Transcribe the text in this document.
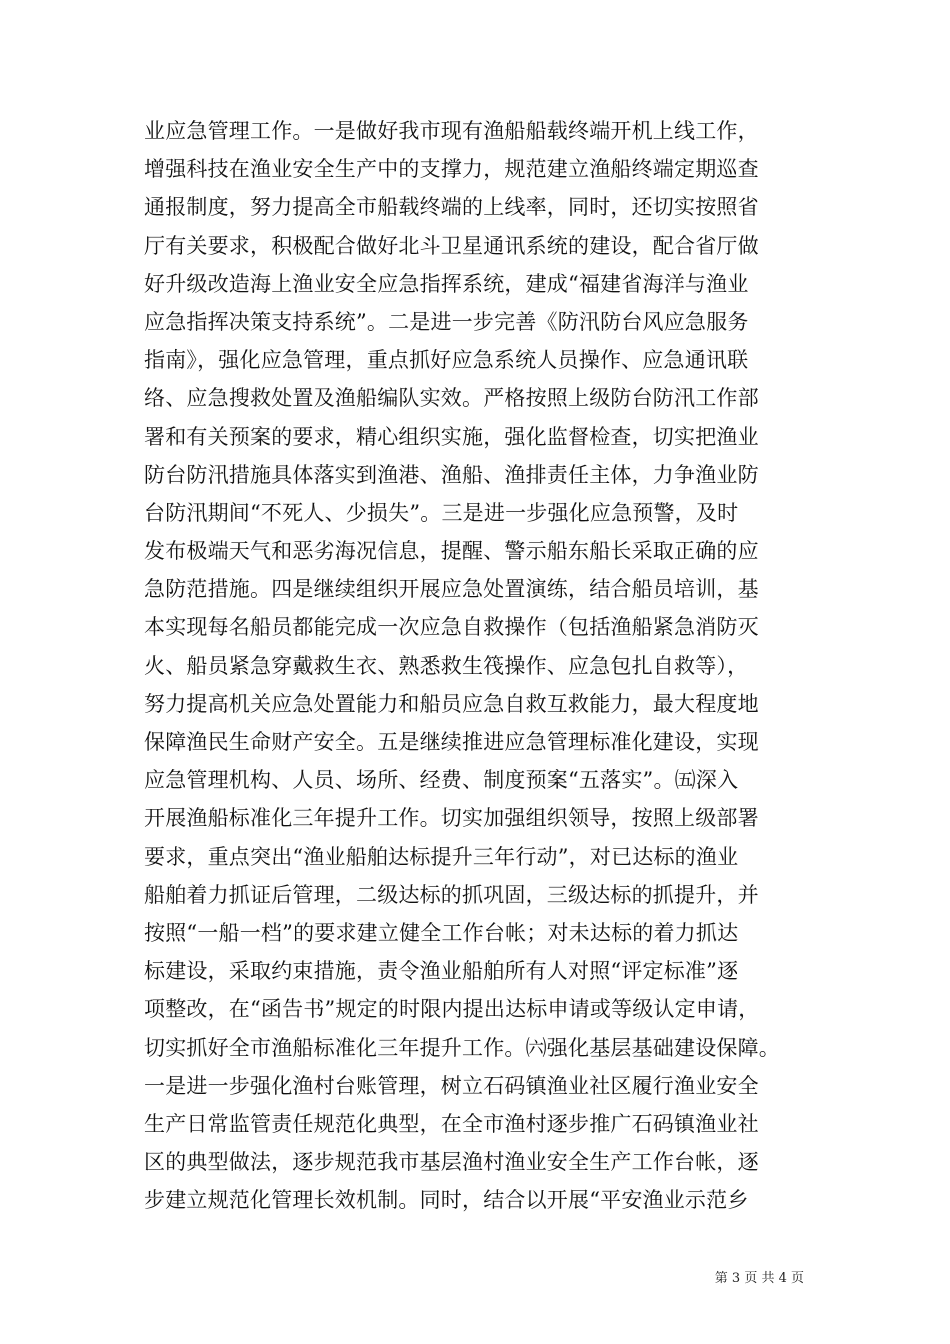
业应急管理工作。一是做好我市现有渔船船载终端开机上线工作，
增强科技在渔业安全生产中的支撑力，规范建立渔船终端定期巡查
通报制度，努力提高全市船载终端的上线率，同时，还切实按照省
厅有关要求，积极配合做好北斗卫星通讯系统的建设，配合省厅做
好升级改造海上渔业安全应急指挥系统，建成“福建省海洋与渔业
应急指挥决策支持系统”。二是进一步完善《防汛防台风应急服务
指南》，强化应急管理，重点抓好应急系统人员操作、应急通讯联
络、应急搜救处置及渔船编队实效。严格按照上级防台防汛工作部
署和有关预案的要求，精心组织实施，强化监督检查，切实把渔业
防台防汛措施具体落实到渔港、渔船、渔排责任主体，力争渔业防
台防汛期间“不死人、少损失”。三是进一步强化应急预警，及时
发布极端天气和恶劣海况信息，提醒、警示船东船长采取正确的应
急防范措施。四是继续组织开展应急处置演练，结合船员培训，基
本实现每名船员都能完成一次应急自救操作（包括渔船紧急消防灭
火、船员紧急穿戴救生衣、熟悉救生筏操作、应急包扎自救等），
努力提高机关应急处置能力和船员应急自救互救能力，最大程度地
保障渔民生命财产安全。五是继续推进应急管理标准化建设，实现
应急管理机构、人员、场所、经费、制度预案“五落实”。㈤深入
开展渔船标准化三年提升工作。切实加强组织领导，按照上级部署
要求，重点突出“渔业船舶达标提升三年行动”，对已达标的渔业
船舶着力抓证后管理，二级达标的抓巩固，三级达标的抓提升，并
按照“一船一档”的要求建立健全工作台帐；对未达标的着力抓达
标建设，采取约束措施，责令渔业船舶所有人对照“评定标准”逐
项整改，在“函告书”规定的时限内提出达标申请或等级认定申请，
切实抓好全市渔船标准化三年提升工作。㈥强化基层基础建设保障。
一是进一步强化渔村台账管理，树立石码镇渔业社区履行渔业安全
生产日常监管责任规范化典型，在全市渔村逐步推广石码镇渔业社
区的典型做法，逐步规范我市基层渔村渔业安全生产工作台帐，逐
步建立规范化管理长效机制。同时，结合以开展“平安渔业示范乡
第 3 页 共 4 页
